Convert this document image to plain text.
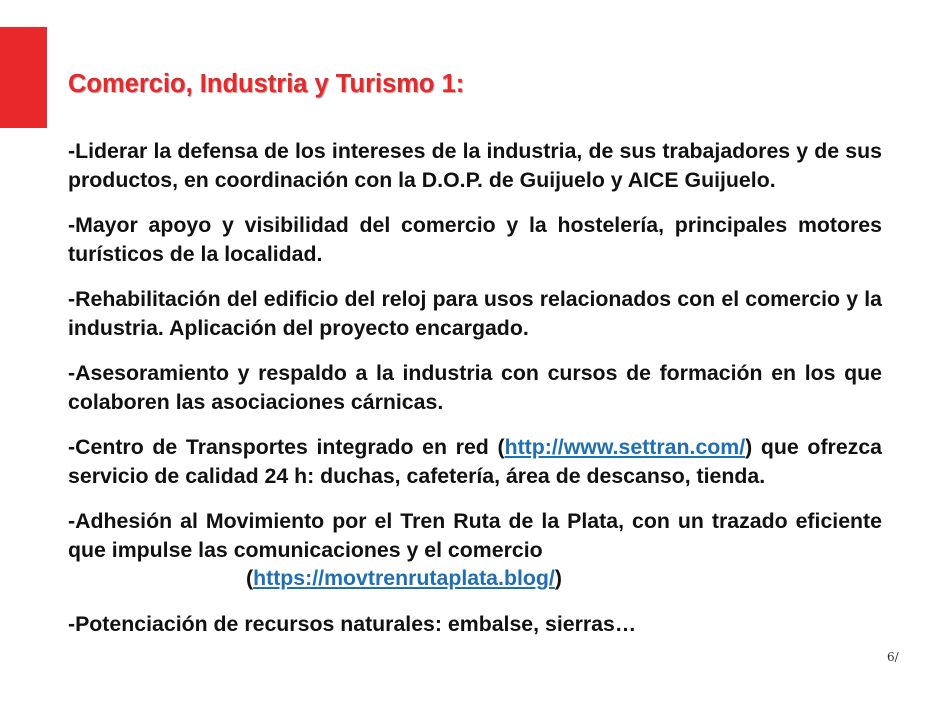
Comercio, Industria y Turismo 1:

-Liderar la defensa de los intereses de la industria, de sus trabajadores y de sus productos, en coordinación con la D.O.P. de Guijuelo y AICE Guijuelo.

-Mayor apoyo y visibilidad del comercio y la hostelería, principales motores turísticos de la localidad.

-Rehabilitación del edificio del reloj para usos relacionados con el comercio y la industria. Aplicación del proyecto encargado.

-Asesoramiento y respaldo a la industria con cursos de formación en los que colaboren las asociaciones cárnicas.

-Centro de Transportes integrado en red (http://www.settran.com/) que ofrezca servicio de calidad 24 h: duchas, cafetería, área de descanso, tienda.

-Adhesión al Movimiento por el Tren Ruta de la Plata, con un trazado eficiente que impulse las comunicaciones y el comercio
(https://movtrenrutaplata.blog/)

-Potenciación de recursos naturales: embalse, sierras…

6/
